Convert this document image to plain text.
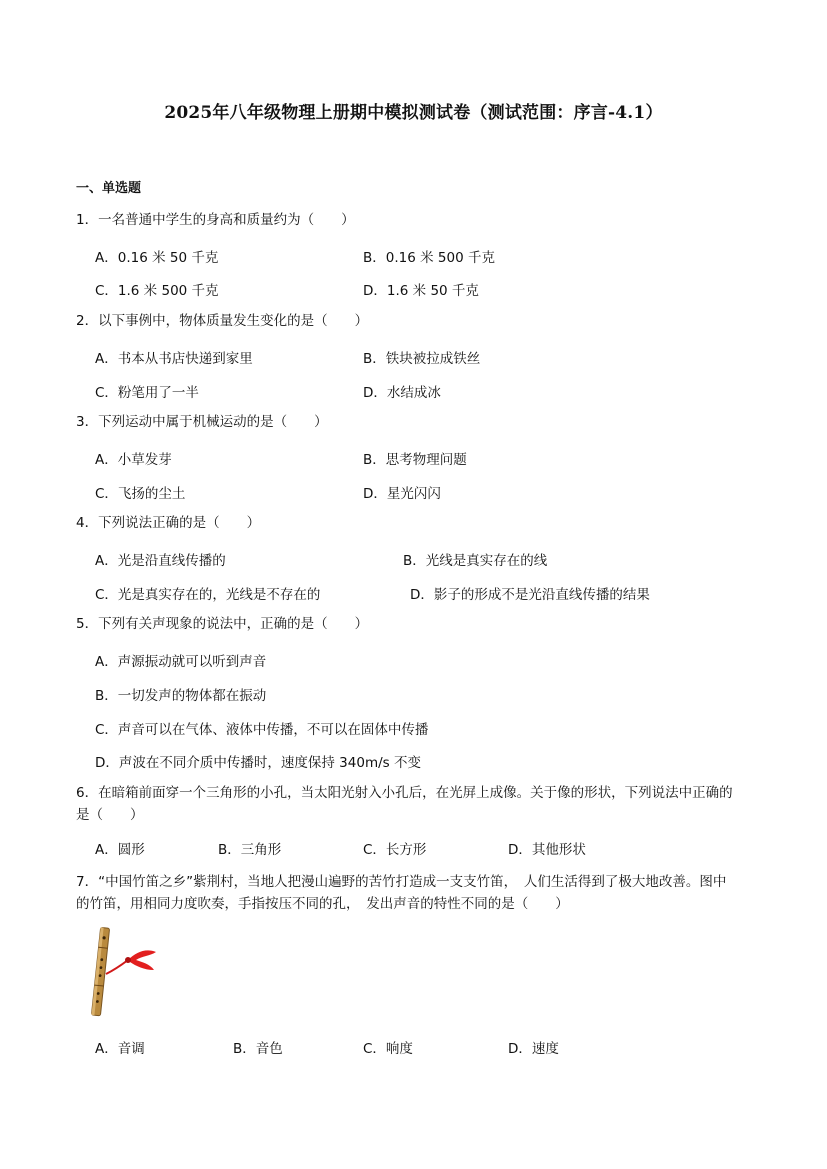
2025年八年级物理上册期中模拟测试卷（测试范围：序言-4.1）
一、单选题
1．一名普通中学生的身高和质量约为（　　）
A．0.16 米 50 千克	B．0.16 米 500 千克
C．1.6 米 500 千克	D．1.6 米 50 千克
2．以下事例中，物体质量发生变化的是（　　）
A．书本从书店快递到家里	B．铁块被拉成铁丝
C．粉笔用了一半	D．水结成冰
3．下列运动中属于机械运动的是（　　）
A．小草发芽	B．思考物理问题
C．飞扬的尘土	D．星光闪闪
4．下列说法正确的是（　　）
A．光是沿直线传播的	B．光线是真实存在的线
C．光是真实存在的，光线是不存在的	D．影子的形成不是光沿直线传播的结果
5．下列有关声现象的说法中，正确的是（　　）
A．声源振动就可以听到声音
B．一切发声的物体都在振动
C．声音可以在气体、液体中传播，不可以在固体中传播
D．声波在不同介质中传播时，速度保持 340m/s 不变
6．在暗箱前面穿一个三角形的小孔，当太阳光射入小孔后，在光屏上成像。关于像的形状，下列说法中正确的是（　　）
A．圆形	B．三角形	C．长方形	D．其他形状
7．“中国竹笛之乡”紫荆村，当地人把漫山遍野的苦竹打造成一支支竹笛，　人们生活得到了极大地改善。图中的竹笛，用相同力度吹奏，手指按压不同的孔，　发出声音的特性不同的是（　　）
A．音调	B．音色	C．响度	D．速度
